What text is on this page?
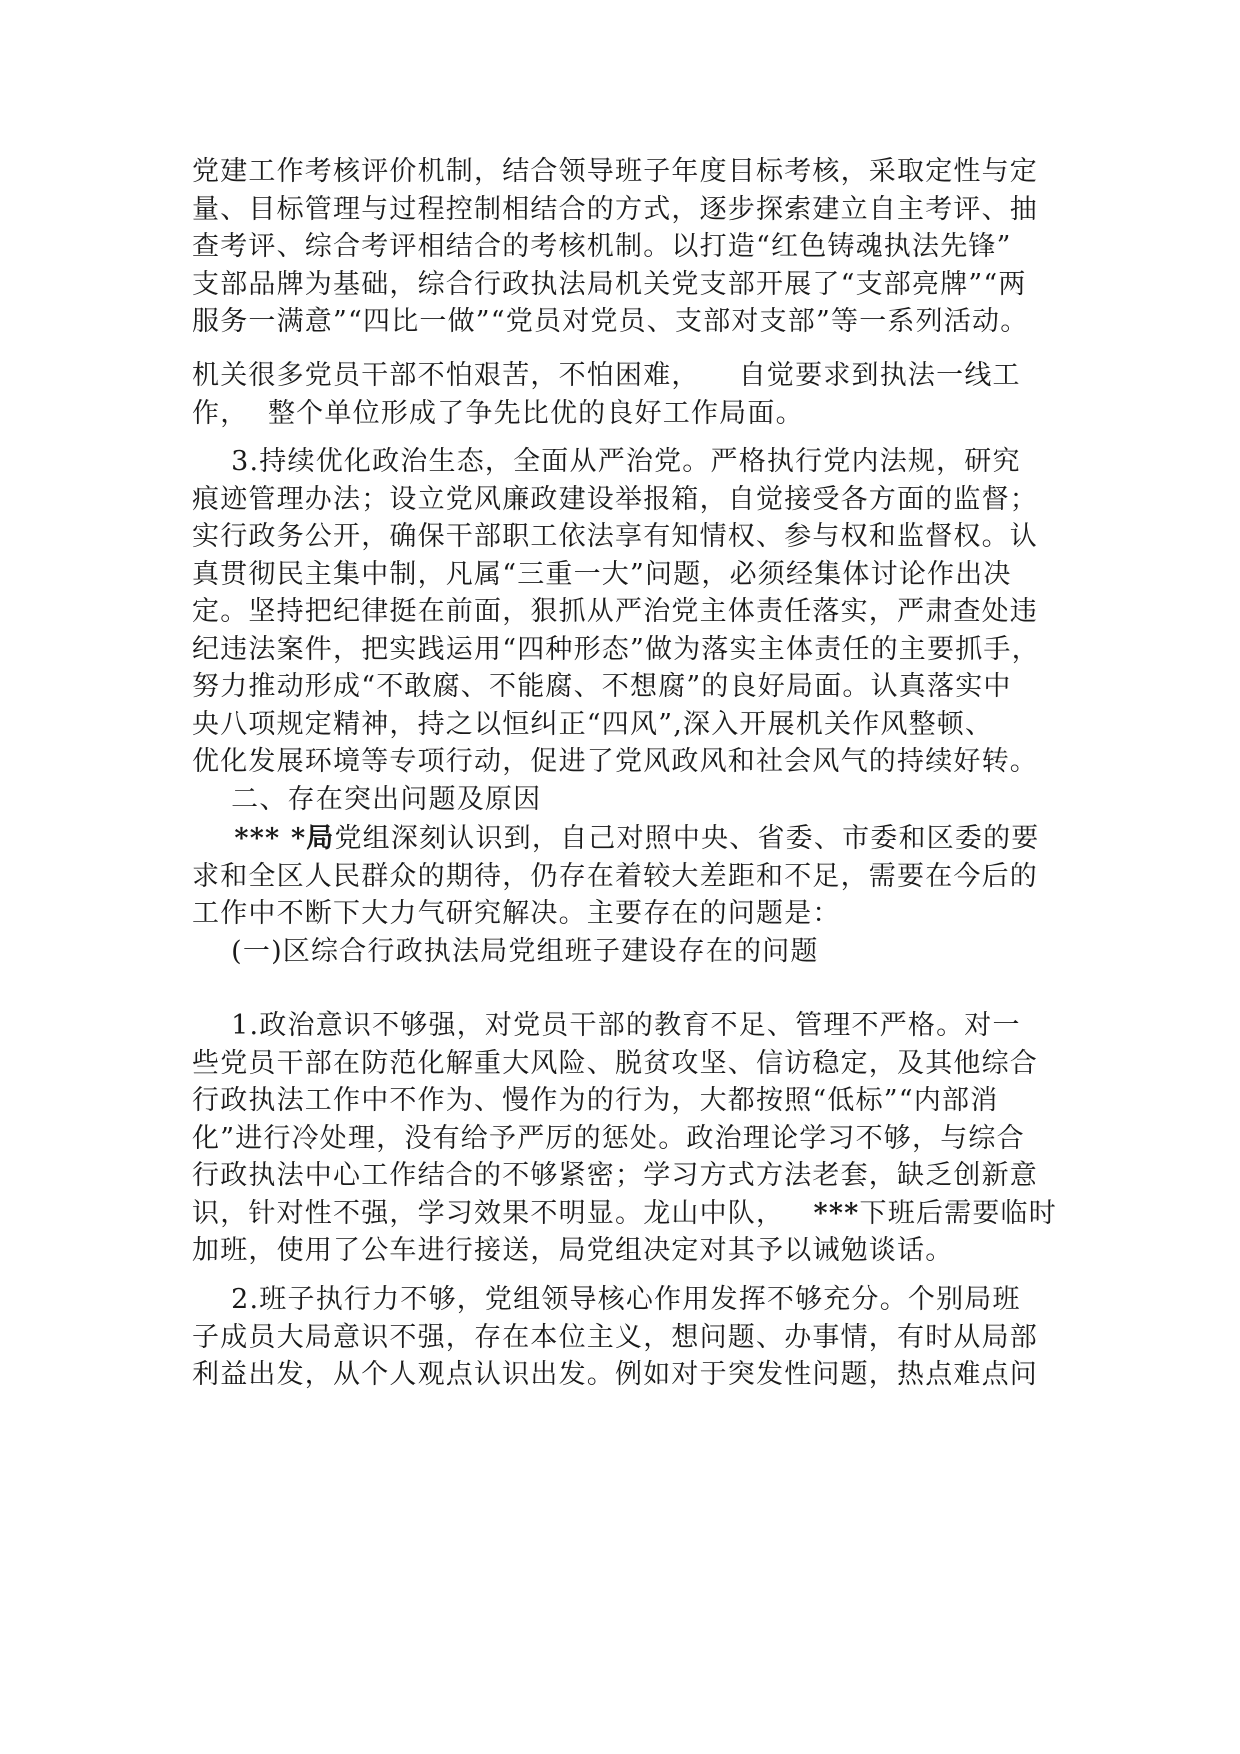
党建工作考核评价机制，结合领导班子年度目标考核，采取定性与定
量、目标管理与过程控制相结合的方式，逐步探索建立自主考评、抽
查考评、综合考评相结合的考核机制。以打造“红色铸魂执法先锋”
支部品牌为基础，综合行政执法局机关党支部开展了“支部亮牌”“两
服务一满意”“四比一做”“党员对党员、支部对支部”等一系列活动。
机关很多党员干部不怕艰苦，不怕困难，    自觉要求到执法一线工
作，  整个单位形成了争先比优的良好工作局面。
3.持续优化政治生态，全面从严治党。严格执行党内法规，研究
痕迹管理办法；设立党风廉政建设举报箱，自觉接受各方面的监督；
实行政务公开，确保干部职工依法享有知情权、参与权和监督权。认
真贯彻民主集中制，凡属“三重一大”问题，必须经集体讨论作出决
定。坚持把纪律挺在前面，狠抓从严治党主体责任落实，严肃查处违
纪违法案件，把实践运用“四种形态”做为落实主体责任的主要抓手，
努力推动形成“不敢腐、不能腐、不想腐”的良好局面。认真落实中
央八项规定精神，持之以恒纠正“四风”,深入开展机关作风整顿、
优化发展环境等专项行动，促进了党风政风和社会风气的持续好转。
二、存在突出问题及原因
*** *局党组深刻认识到，自己对照中央、省委、市委和区委的要
求和全区人民群众的期待，仍存在着较大差距和不足，需要在今后的
工作中不断下大力气研究解决。主要存在的问题是：
(一)区综合行政执法局党组班子建设存在的问题
1.政治意识不够强，对党员干部的教育不足、管理不严格。对一
些党员干部在防范化解重大风险、脱贫攻坚、信访稳定，及其他综合
行政执法工作中不作为、慢作为的行为，大都按照“低标”“内部消
化”进行冷处理，没有给予严厉的惩处。政治理论学习不够，与综合
行政执法中心工作结合的不够紧密；学习方式方法老套，缺乏创新意
识，针对性不强，学习效果不明显。龙山中队，   ***下班后需要临时
加班，使用了公车进行接送，局党组决定对其予以诫勉谈话。
2.班子执行力不够，党组领导核心作用发挥不够充分。个别局班
子成员大局意识不强，存在本位主义，想问题、办事情，有时从局部
利益出发，从个人观点认识出发。例如对于突发性问题，热点难点问
